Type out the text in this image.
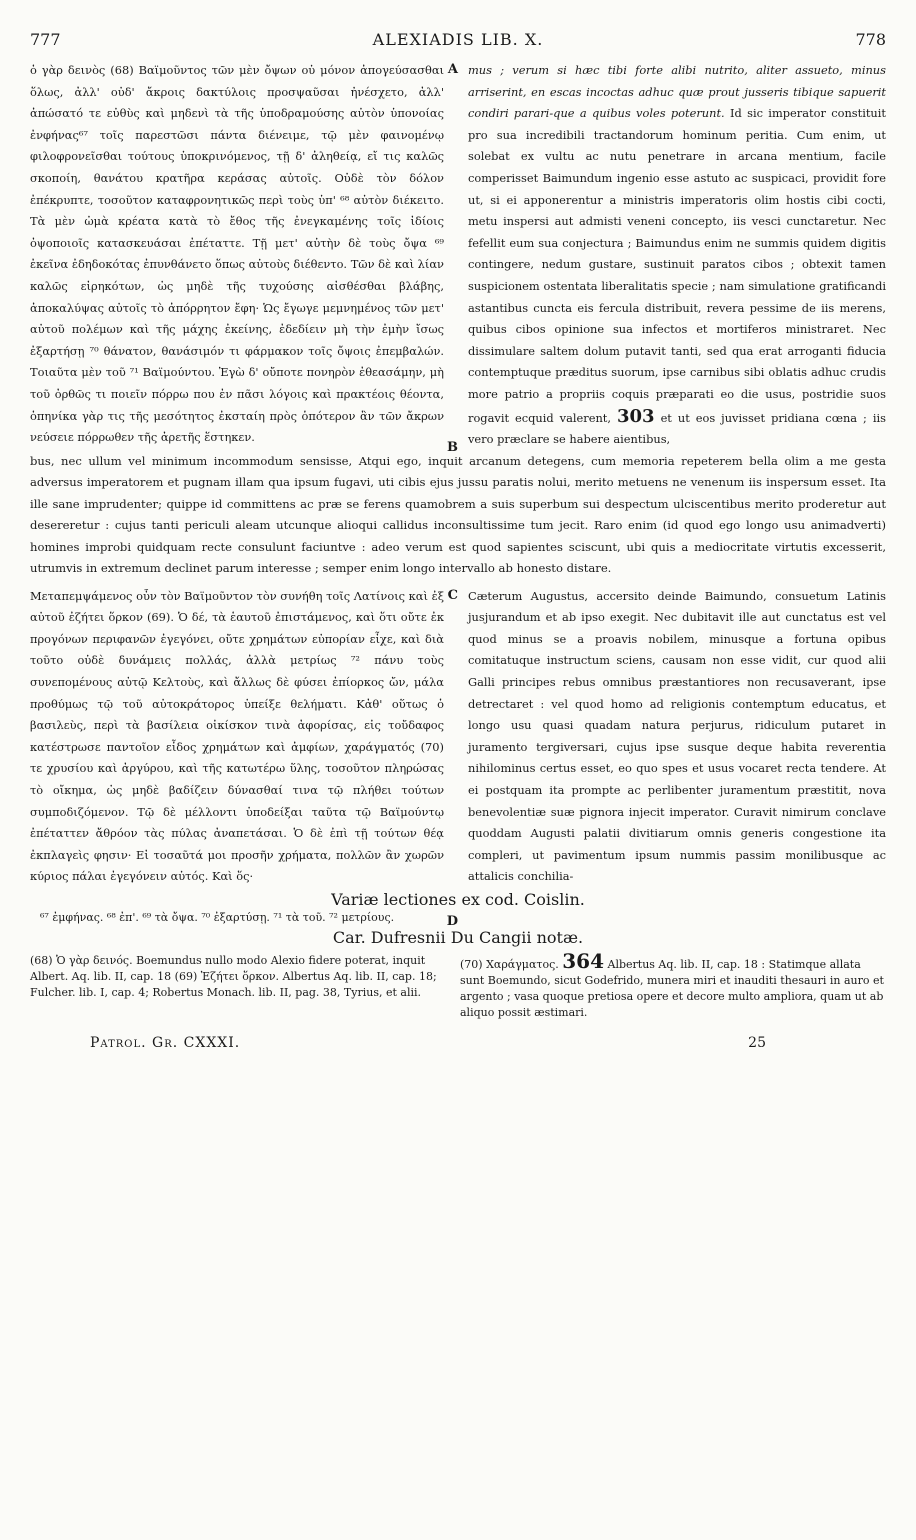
777	ALEXIADIS LIB. X.	778

ὁ γὰρ δεινὸς (68) Βαϊμοῦντος τῶν μὲν ὄψων οὐ μόνον ἀπογεύσασθαι ὅλως, ἀλλ' οὐδ' ἄκροις δακτύλοις προσψαῦσαι ἠνέσχετο, ἀλλ' ἀπώσατό τε εὐθὺς καὶ μηδενὶ τὰ τῆς ὑποδραμούσης αὐτὸν ὑπονοίας ἐνφήνας⁶⁷ τοῖς παρεστῶσι πάντα διένειμε, τῷ μὲν φαινομένῳ φιλοφρονεῖσθαι τούτους ὑποκρινόμενος, τῇ δ' ἀληθείᾳ, εἴ τις καλῶς σκοποίη, θανάτου κρατῆρα κεράσας αὐτοῖς. Οὐδὲ τὸν δόλον ἐπέκρυπτε, τοσοῦτον καταφρονητικῶς περὶ τοὺς ὑπ' ⁶⁸ αὐτὸν διέκειτο. Τὰ μὲν ὠμὰ κρέατα κατὰ τὸ ἔθος τῆς ἐνεγκαμένης τοῖς ἰδίοις ὀψοποιοῖς κατασκευάσαι ἐπέταττε. Τῇ μετ' αὐτὴν δὲ τοὺς ὄψα ⁶⁹ ἐκεῖνα ἐδηδοκότας ἐπυνθάνετο ὅπως αὐτοὺς διέθεντο. Τῶν δὲ καὶ λίαν καλῶς εἰρηκότων, ὡς μηδὲ τῆς τυχούσης αἰσθέσθαι βλάβης, ἀποκαλύψας αὐτοῖς τὸ ἀπόρρητον ἔφη· Ὡς ἔγωγε μεμνημένος τῶν μετ' αὐτοῦ πολέμων καὶ τῆς μάχης ἐκείνης, ἐδεδίειν μὴ τὴν ἐμὴν ἴσως ἐξαρτήσῃ ⁷⁰ θάνατον, θανάσιμόν τι φάρμακον τοῖς ὄψοις ἐπεμβαλών. Τοιαῦτα μὲν τοῦ ⁷¹ Βαϊμούντου. Ἐγὼ δ' οὔποτε πονηρὸν ἐθεασάμην, μὴ τοῦ ὀρθῶς τι ποιεῖν πόρρω που ἐν πᾶσι λόγοις καὶ πρακτέοις θέοντα, ὁπηνίκα γὰρ τις τῆς μεσότητος ἐκσταίη πρὸς ὁπότερον ἂν τῶν ἄκρων νεύσειε πόρρωθεν τῆς ἀρετῆς ἕστηκεν.

A
B

mus ; verum si hæc tibi forte alibi nutrito, aliter assueto, minus arriserint, en escas incoctas adhuc quæ prout jusseris tibique sapuerit condiri parari-que a quibus voles poterunt. Id sic imperator constituit pro sua incredibili tractandorum hominum peritia. Cum enim, ut solebat ex vultu ac nutu penetrare in arcana mentium, facile comperisset Baimundum ingenio esse astuto ac suspicaci, providit fore ut, si ei apponerentur a ministris imperatoris olim hostis cibi cocti, metu inspersi aut admisti veneni concepto, iis vesci cunctaretur. Nec fefellit eum sua conjectura ; Baimundus enim ne summis quidem digitis contingere, nedum gustare, sustinuit paratos cibos ; obtexit tamen suspicionem ostentata liberalitatis specie ; nam simulatione gratificandi astantibus cuncta eis fercula distribuit, revera pessime de iis merens, quibus cibos opinione sua infectos et mortiferos ministraret. Nec dissimulare saltem dolum putavit tanti, sed qua erat arroganti fiducia contemptuque præditus suorum, ipse carnibus sibi oblatis adhuc crudis more patrio a propriis coquis præparati eo die usus, postridie suos rogavit ecquid valerent, 303 et ut eos juvisset pridiana cœna ; iis vero præclare se habere aientibus,

bus, nec ullum vel minimum incommodum sensisse, Atqui ego, inquit arcanum detegens, cum memoria repeterem bella olim a me gesta adversus imperatorem et pugnam illam qua ipsum fugavi, uti cibis ejus jussu paratis nolui, merito metuens ne venenum iis inspersum esset. Ita ille sane imprudenter; quippe id committens ac præ se ferens quamobrem a suis superbum sui despectum ulciscentibus merito proderetur aut desereretur : cujus tanti periculi aleam utcunque alioqui callidus inconsultissime tum jecit. Raro enim (id quod ego longo usu animadverti) homines improbi quidquam recte consulunt faciuntve : adeo verum est quod sapientes sciscunt, ubi quis a mediocritate virtutis excesserit, utrumvis in extremum declinet parum interesse ; semper enim longo intervallo ab honesto distare.

Μεταπεμψάμενος οὖν τὸν Βαϊμοῦντον τὸν συνήθη τοῖς Λατίνοις καὶ ἐξ αὐτοῦ ἐζήτει ὅρκον (69). Ὁ δέ, τὰ ἑαυτοῦ ἐπιστάμενος, καὶ ὅτι οὔτε ἐκ προγόνων περιφανῶν ἐγεγόνει, οὔτε χρημάτων εὐπορίαν εἶχε, καὶ διὰ τοῦτο οὐδὲ δυνάμεις πολλάς, ἀλλὰ μετρίως ⁷² πάνυ τοὺς συνεπομένους αὐτῷ Κελτοὺς, καὶ ἄλλως δὲ φύσει ἐπίορκος ὤν, μάλα προθύμως τῷ τοῦ αὐτοκράτορος ὑπείξε θελήματι. Κἀθ' οὕτως ὁ βασιλεὺς, περὶ τὰ βασίλεια οἰκίσκον τινὰ ἀφορίσας, εἰς τοὔδαφος κατέστρωσε παντοῖον εἶδος χρημάτων καὶ ἀμφίων, χαράγματός (70) τε χρυσίου καὶ ἀργύρου, καὶ τῆς κατωτέρω ὕλης, τοσοῦτον πληρώσας τὸ οἴκημα, ὡς μηδὲ βαδίζειν δύνασθαί τινα τῷ πλήθει τούτων συμποδιζόμενον. Τῷ δὲ μέλλοντι ὑποδείξαι ταῦτα τῷ Βαϊμούντῳ ἐπέταττεν ἄθρόον τὰς πύλας ἀναπετάσαι. Ὁ δὲ ἐπὶ τῇ τούτων θέᾳ ἐκπλαγεὶς φησιν· Εἰ τοσαῦτά μοι προσῆν χρήματα, πολλῶν ἂν χωρῶν κύριος πάλαι ἐγεγόνειν αὐτός. Καὶ ὅς·

C
D

Cæterum Augustus, accersito deinde Baimundo, consuetum Latinis jusjurandum et ab ipso exegit. Nec dubitavit ille aut cunctatus est vel quod minus se a proavis nobilem, minusque a fortuna opibus comitatuque instructum sciens, causam non esse vidit, cur quod alii Galli principes rebus omnibus præstantiores non recusaverant, ipse detrectaret : vel quod homo ad religionis contemptum educatus, et longo usu quasi quadam natura perjurus, ridiculum putaret in juramento tergiversari, cujus ipse susque deque habita reverentia nihilominus certus esset, eo quo spes et usus vocaret recta tendere. At ei postquam ita prompte ac perlibenter juramentum præstitit, nova benevolentiæ suæ pignora injecit imperator. Curavit nimirum conclave quoddam Augusti palatii divitiarum omnis generis congestione ita compleri, ut pavimentum ipsum nummis passim monilibusque ac attalicis conchilia-

Variæ lectiones ex cod. Coislin.
⁶⁷ ἐμφήνας. ⁶⁸ ἐπ'. ⁶⁹ τὰ ὄψα. ⁷⁰ ἐξαρτύσῃ. ⁷¹ τὰ τοῦ. ⁷² μετρίους.
Car. Dufresnii Du Cangii notæ.
(68) Ὁ γὰρ δεινός. Boemundus nullo modo Alexio fidere poterat, inquit Albert. Aq. lib. II, cap. 18 (69) Ἐζήτει ὅρκον. Albertus Aq. lib. II, cap. 18; Fulcher. lib. I, cap. 4; Robertus Monach. lib. II, pag. 38, Tyrius, et alii.
(70) Χαράγματος. 364 Albertus Aq. lib. II, cap. 18 : Statimque allata sunt Boemundo, sicut Godefrido, munera miri et inauditi thesauri in auro et argento ; vasa quoque pretiosa opere et decore multo ampliora, quam ut ab aliquo possit æstimari.
Patrol. Gr. CXXXI.	25
